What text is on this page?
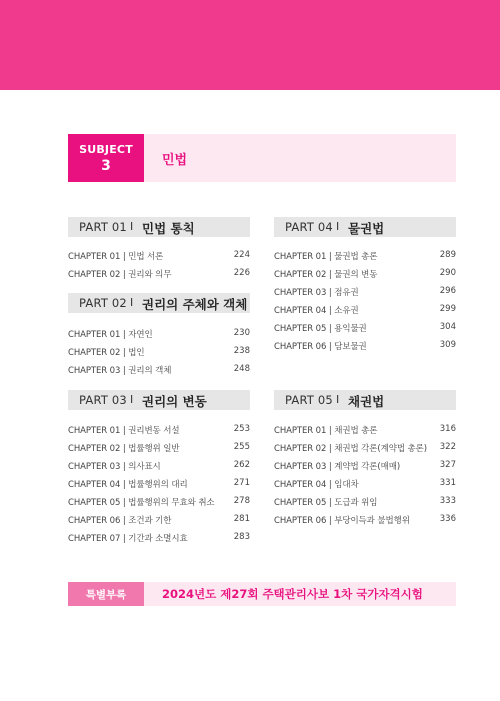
SUBJECT
3	민법
PART 01 I 민법 통칙
CHAPTER 01 | 민법 서론	224
CHAPTER 02 | 권리와 의무	226
PART 02 I 권리의 주체와 객체
CHAPTER 01 | 자연인	230
CHAPTER 02 | 법인	238
CHAPTER 03 | 권리의 객체	248
PART 03 I 권리의 변동
CHAPTER 01 | 권리변동 서설	253
CHAPTER 02 | 법률행위 일반	255
CHAPTER 03 | 의사표시	262
CHAPTER 04 | 법률행위의 대리	271
CHAPTER 05 | 법률행위의 무효와 취소 278
CHAPTER 06 | 조건과 기한	281
CHAPTER 07 | 기간과 소멸시효	283
PART 04 I 물권법
CHAPTER 01 | 물권법 총론	289
CHAPTER 02 | 물권의 변동	290
CHAPTER 03 | 점유권	296
CHAPTER 04 | 소유권	299
CHAPTER 05 | 용익물권	304
CHAPTER 06 | 담보물권	309
PART 05 I 채권법
CHAPTER 01 | 채권법 총론	316
CHAPTER 02 | 채권법 각론(계약법 총론) 322
CHAPTER 03 | 계약법 각론(매매)	327
CHAPTER 04 | 임대차	331
CHAPTER 05 | 도급과 위임	333
CHAPTER 06 | 부당이득과 불법행위	336
특별부록	2024년도 제27회 주택관리사보 1차 국가자격시험
